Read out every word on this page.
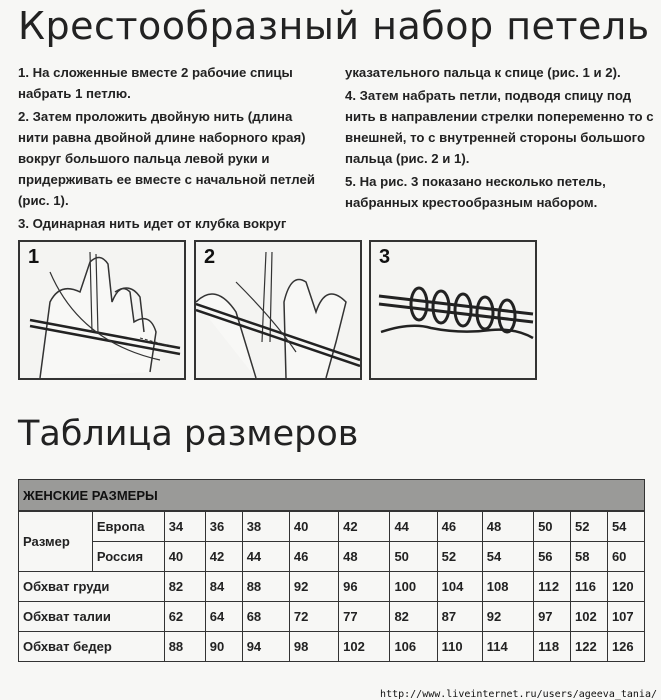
Крестообразный набор петель

1. На сложенные вместе 2 рабочие спицы набрать 1 петлю.

2. Затем проложить двойную нить (длина нити равна двойной длине наборного края) вокруг большого пальца левой руки и придерживать ее вместе с начальной петлей (рис. 1).

3. Одинарная нить идет от клубка вокруг

указательного пальца к спице (рис. 1 и 2).

4. Затем набрать петли, подводя спицу под нить в направлении стрелки попеременно то с внешней, то с внутренней стороны большого пальца (рис. 2 и 1).

5. На рис. 3 показано несколько петель, набранных крестообразным набором.

1	2	3
Таблица размеров
ЖЕНСКИЕ РАЗМЕРЫ												
Размер	Европа	34	36	38	40	42	44	46	48	50	52	54
	Россия	40	42	44	46	48	50	52	54	56	58	60
Обхват груди		82	84	88	92	96	100	104	108	112	116	120
Обхват талии		62	64	68	72	77	82	87	92	97	102	107
Обхват бедер		88	90	94	98	102	106	110	114	118	122	126
http://www.liveinternet.ru/users/ageeva_tania/
